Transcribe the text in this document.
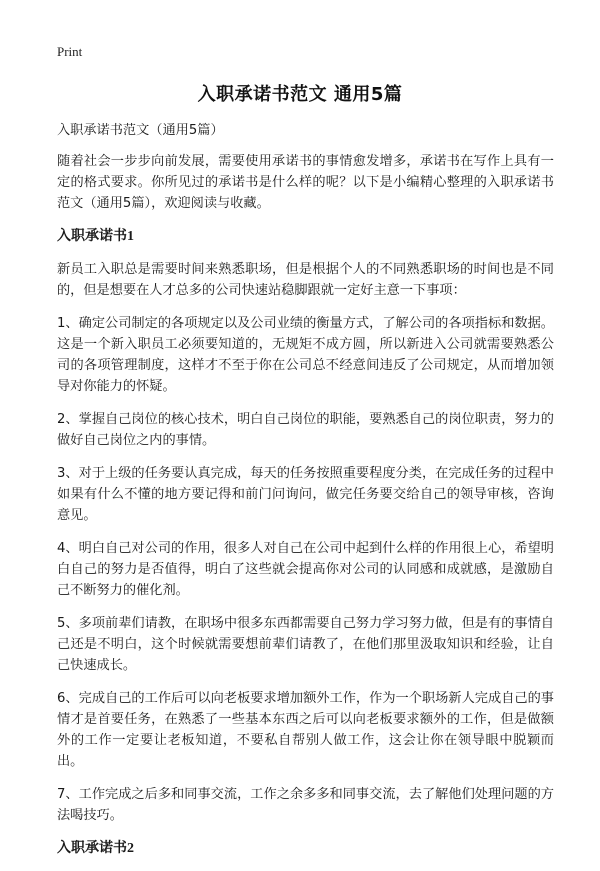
Print
入职承诺书范文 通用5篇

入职承诺书范文（通用5篇）

随着社会一步步向前发展，需要使用承诺书的事情愈发增多，承诺书在写作上具有一定的格式要求。你所见过的承诺书是什么样的呢？以下是小编精心整理的入职承诺书范文（通用5篇），欢迎阅读与收藏。

入职承诺书1

新员工入职总是需要时间来熟悉职场，但是根据个人的不同熟悉职场的时间也是不同的，但是想要在人才总多的公司快速站稳脚跟就一定好主意一下事项：

1、确定公司制定的各项规定以及公司业绩的衡量方式，了解公司的各项指标和数据。这是一个新入职员工必须要知道的，无规矩不成方圆，所以新进入公司就需要熟悉公司的各项管理制度，这样才不至于你在公司总不经意间违反了公司规定，从而增加领导对你能力的怀疑。

2、掌握自己岗位的核心技术，明白自己岗位的职能，要熟悉自己的岗位职责，努力的做好自己岗位之内的事情。

3、对于上级的任务要认真完成，每天的任务按照重要程度分类，在完成任务的过程中如果有什么不懂的地方要记得和前门问询问，做完任务要交给自己的领导审核，咨询意见。

4、明白自己对公司的作用，很多人对自己在公司中起到什么样的作用很上心，希望明白自己的努力是否值得，明白了这些就会提高你对公司的认同感和成就感，是激励自己不断努力的催化剂。

5、多项前辈们请教，在职场中很多东西都需要自己努力学习努力做，但是有的事情自己还是不明白，这个时候就需要想前辈们请教了，在他们那里汲取知识和经验，让自己快速成长。

6、完成自己的工作后可以向老板要求增加额外工作，作为一个职场新人完成自己的事情才是首要任务，在熟悉了一些基本东西之后可以向老板要求额外的工作，但是做额外的工作一定要让老板知道，不要私自帮别人做工作，这会让你在领导眼中脱颖而出。

7、工作完成之后多和同事交流，工作之余多多和同事交流，去了解他们处理问题的方法喝技巧。

入职承诺书2
